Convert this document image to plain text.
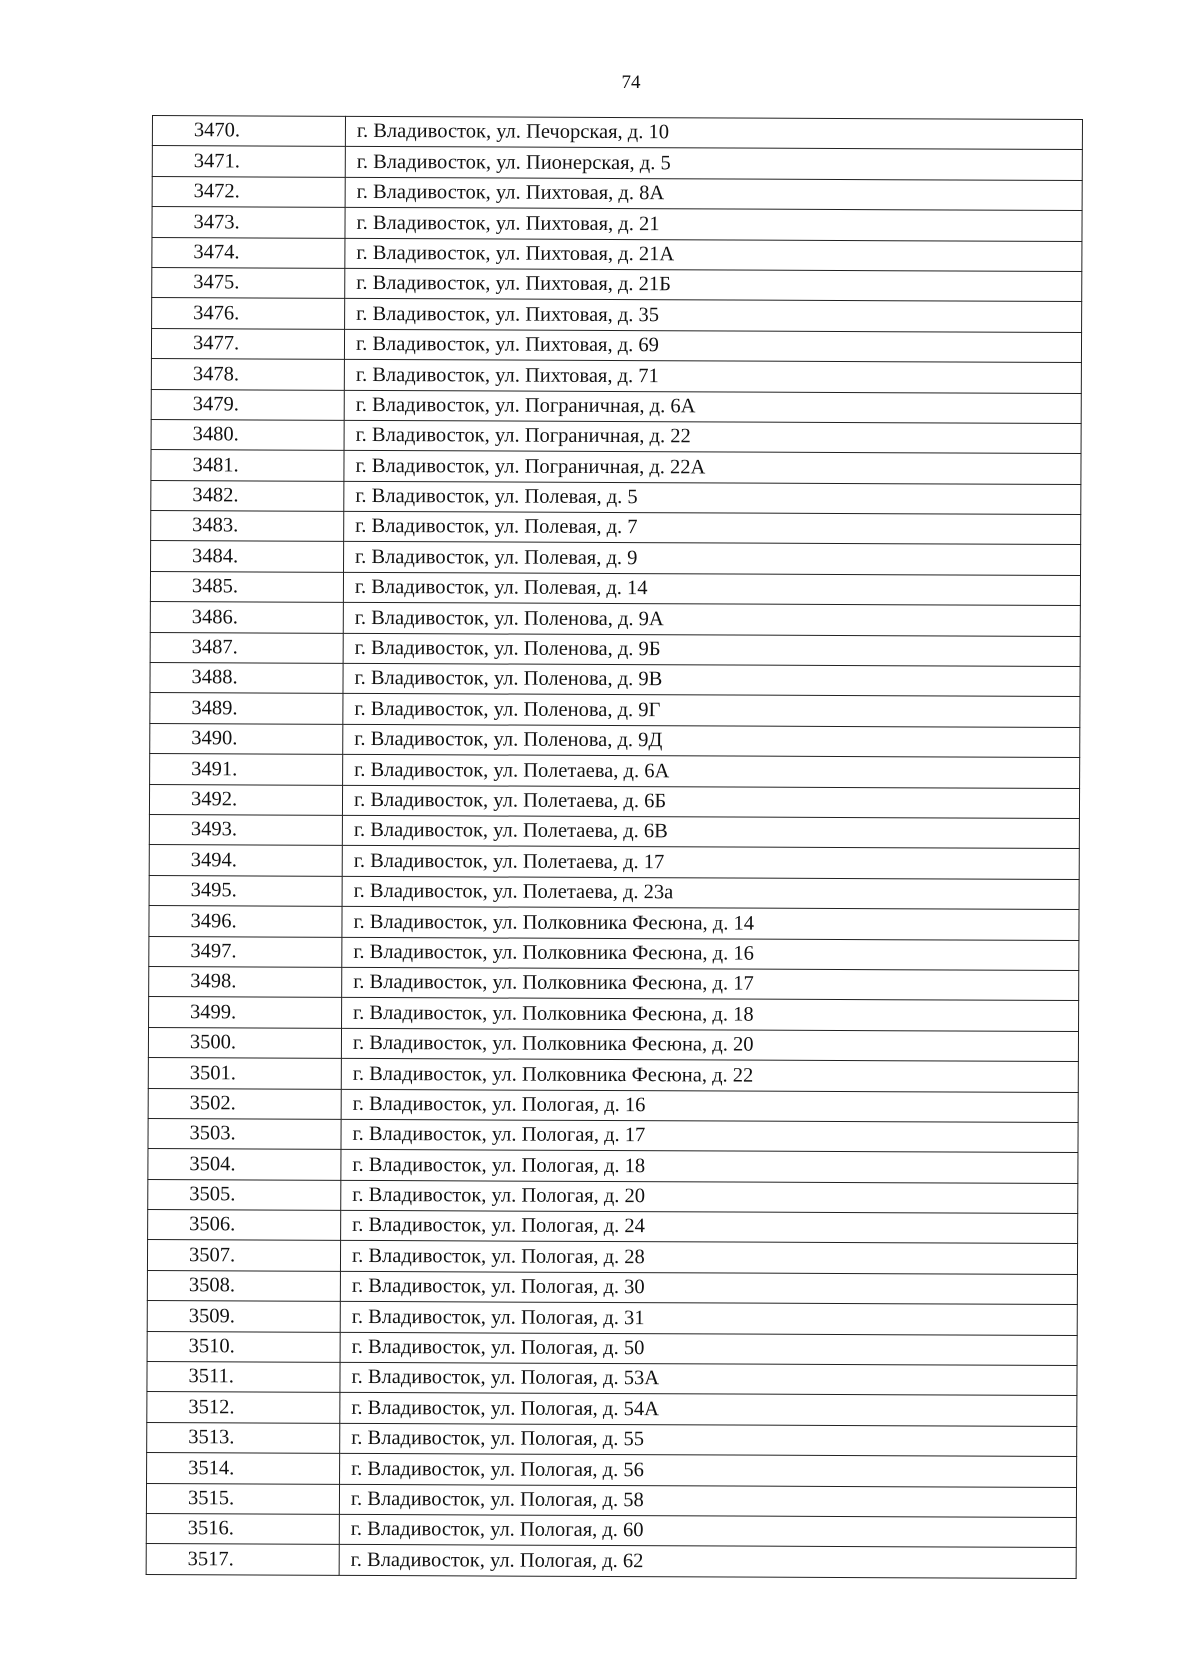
74
3470.	г. Владивосток, ул. Печорская, д. 10
3471.	г. Владивосток, ул. Пионерская, д. 5
3472.	г. Владивосток, ул. Пихтовая, д. 8А
3473.	г. Владивосток, ул. Пихтовая, д. 21
3474.	г. Владивосток, ул. Пихтовая, д. 21А
3475.	г. Владивосток, ул. Пихтовая, д. 21Б
3476.	г. Владивосток, ул. Пихтовая, д. 35
3477.	г. Владивосток, ул. Пихтовая, д. 69
3478.	г. Владивосток, ул. Пихтовая, д. 71
3479.	г. Владивосток, ул. Пограничная, д. 6А
3480.	г. Владивосток, ул. Пограничная, д. 22
3481.	г. Владивосток, ул. Пограничная, д. 22А
3482.	г. Владивосток, ул. Полевая, д. 5
3483.	г. Владивосток, ул. Полевая, д. 7
3484.	г. Владивосток, ул. Полевая, д. 9
3485.	г. Владивосток, ул. Полевая, д. 14
3486.	г. Владивосток, ул. Поленова, д. 9А
3487.	г. Владивосток, ул. Поленова, д. 9Б
3488.	г. Владивосток, ул. Поленова, д. 9В
3489.	г. Владивосток, ул. Поленова, д. 9Г
3490.	г. Владивосток, ул. Поленова, д. 9Д
3491.	г. Владивосток, ул. Полетаева, д. 6А
3492.	г. Владивосток, ул. Полетаева, д. 6Б
3493.	г. Владивосток, ул. Полетаева, д. 6В
3494.	г. Владивосток, ул. Полетаева, д. 17
3495.	г. Владивосток, ул. Полетаева, д. 23а
3496.	г. Владивосток, ул. Полковника Фесюна, д. 14
3497.	г. Владивосток, ул. Полковника Фесюна, д. 16
3498.	г. Владивосток, ул. Полковника Фесюна, д. 17
3499.	г. Владивосток, ул. Полковника Фесюна, д. 18
3500.	г. Владивосток, ул. Полковника Фесюна, д. 20
3501.	г. Владивосток, ул. Полковника Фесюна, д. 22
3502.	г. Владивосток, ул. Пологая, д. 16
3503.	г. Владивосток, ул. Пологая, д. 17
3504.	г. Владивосток, ул. Пологая, д. 18
3505.	г. Владивосток, ул. Пологая, д. 20
3506.	г. Владивосток, ул. Пологая, д. 24
3507.	г. Владивосток, ул. Пологая, д. 28
3508.	г. Владивосток, ул. Пологая, д. 30
3509.	г. Владивосток, ул. Пологая, д. 31
3510.	г. Владивосток, ул. Пологая, д. 50
3511.	г. Владивосток, ул. Пологая, д. 53А
3512.	г. Владивосток, ул. Пологая, д. 54А
3513.	г. Владивосток, ул. Пологая, д. 55
3514.	г. Владивосток, ул. Пологая, д. 56
3515.	г. Владивосток, ул. Пологая, д. 58
3516.	г. Владивосток, ул. Пологая, д. 60
3517.	г. Владивосток, ул. Пологая, д. 62
